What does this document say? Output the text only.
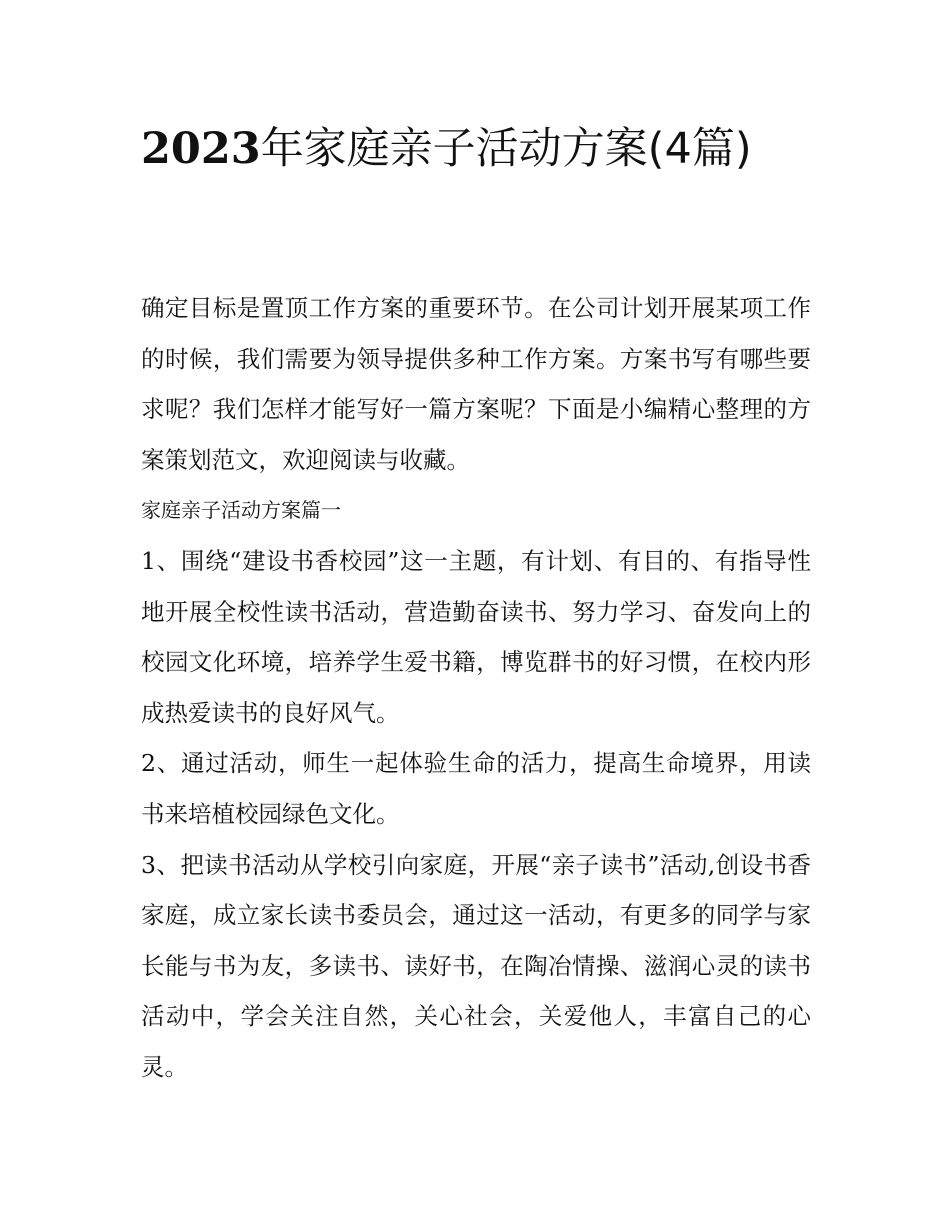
2023年家庭亲子活动方案(4篇)

确定目标是置顶工作方案的重要环节。在公司计划开展某项工作的时候，我们需要为领导提供多种工作方案。方案书写有哪些要求呢？我们怎样才能写好一篇方案呢？下面是小编精心整理的方案策划范文，欢迎阅读与收藏。

家庭亲子活动方案篇一

1、围绕“建设书香校园”这一主题，有计划、有目的、有指导性地开展全校性读书活动，营造勤奋读书、努力学习、奋发向上的校园文化环境，培养学生爱书籍，博览群书的好习惯，在校内形成热爱读书的良好风气。

2、通过活动，师生一起体验生命的活力，提高生命境界，用读书来培植校园绿色文化。

3、把读书活动从学校引向家庭，开展“亲子读书”活动,创设书香家庭，成立家长读书委员会，通过这一活动，有更多的同学与家长能与书为友，多读书、读好书，在陶冶情操、滋润心灵的读书活动中，学会关注自然，关心社会，关爱他人，丰富自己的心灵。
